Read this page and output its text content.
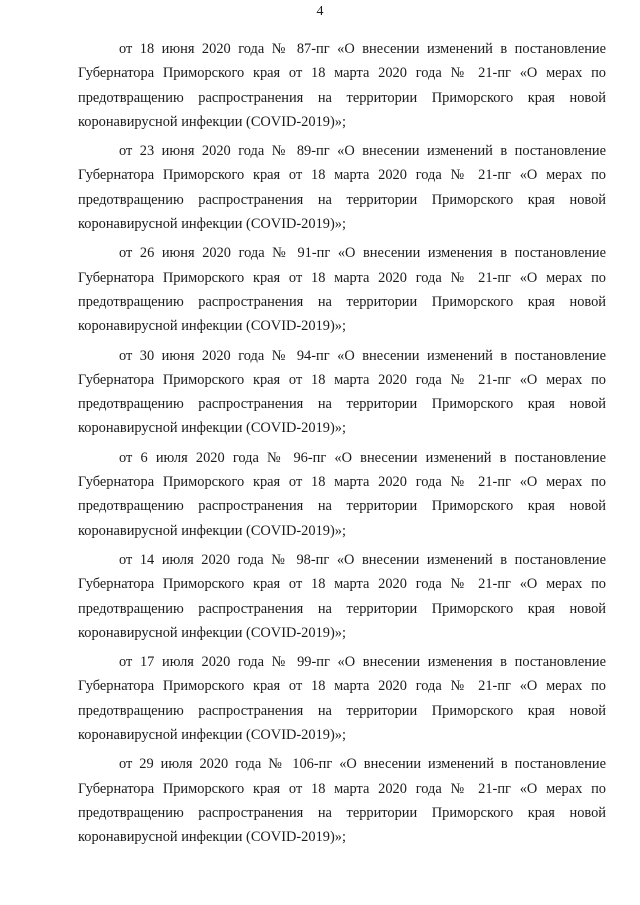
4

от 18 июня 2020 года № 87-пг «О внесении изменений в постановление Губернатора Приморского края от 18 марта 2020 года № 21-пг «О мерах по предотвращению распространения на территории Приморского края новой коронавирусной инфекции (COVID-2019)»;

от 23 июня 2020 года № 89-пг «О внесении изменений в постановление Губернатора Приморского края от 18 марта 2020 года № 21-пг «О мерах по предотвращению распространения на территории Приморского края новой коронавирусной инфекции (COVID-2019)»;

от 26 июня 2020 года № 91-пг «О внесении изменения в постановление Губернатора Приморского края от 18 марта 2020 года № 21-пг «О мерах по предотвращению распространения на территории Приморского края новой коронавирусной инфекции (COVID-2019)»;

от 30 июня 2020 года № 94-пг «О внесении изменений в постановление Губернатора Приморского края от 18 марта 2020 года № 21-пг «О мерах по предотвращению распространения на территории Приморского края новой коронавирусной инфекции (COVID-2019)»;

от 6 июля 2020 года № 96-пг «О внесении изменений в постановление Губернатора Приморского края от 18 марта 2020 года № 21-пг «О мерах по предотвращению распространения на территории Приморского края новой коронавирусной инфекции (COVID-2019)»;

от 14 июля 2020 года № 98-пг «О внесении изменений в постановление Губернатора Приморского края от 18 марта 2020 года № 21-пг «О мерах по предотвращению распространения на территории Приморского края новой коронавирусной инфекции (COVID-2019)»;

от 17 июля 2020 года № 99-пг «О внесении изменения в постановление Губернатора Приморского края от 18 марта 2020 года № 21-пг «О мерах по предотвращению распространения на территории Приморского края новой коронавирусной инфекции (COVID-2019)»;

от 29 июля 2020 года № 106-пг «О внесении изменений в постановление Губернатора Приморского края от 18 марта 2020 года № 21-пг «О мерах по предотвращению распространения на территории Приморского края новой коронавирусной инфекции (COVID-2019)»;
